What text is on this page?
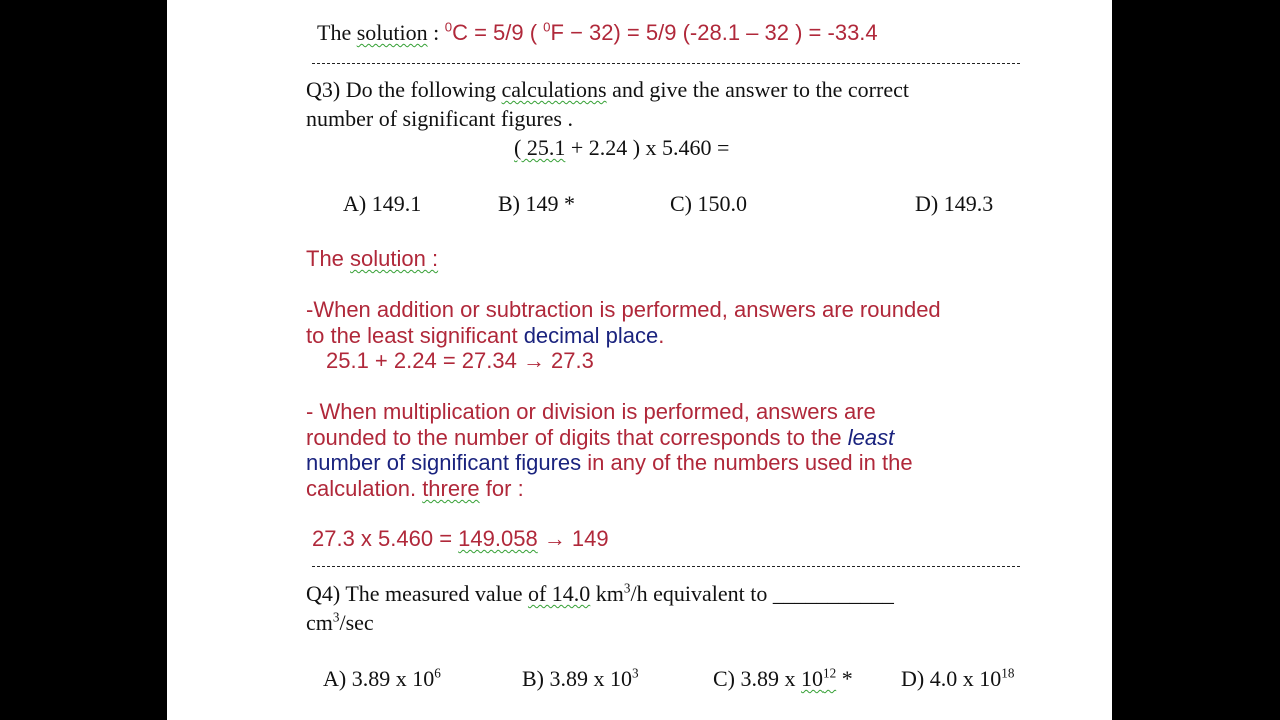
The solution : $^0$C = 5/9 ( $^0$F − 32) = 5/9 (-28.1 – 32 ) = -33.4
Q3) Do the following calculations and give the answer to the correct
number of significant figures .
( 25.1 + 2.24 ) x 5.460 =
A) 149.1	B) 149 *	C) 150.0	D) 149.3
The solution :
-When addition or subtraction is performed, answers are rounded
to the least significant decimal place.
25.1 + 2.24 = 27.34 → 27.3
- When multiplication or division is performed, answers are
rounded to the number of digits that corresponds to the least
number of significant figures in any of the numbers used in the
calculation. threre for :
27.3 x 5.460 = 149.058 → 149
Q4) The measured value of 14.0 $km^3/h$ equivalent to ___________
$cm^3/\sec$
A) 3.89 x $10^6$	B) 3.89 x $10^3$	C) 3.89 x $10^{12} * D$) 4.0 x $10^{18}$
